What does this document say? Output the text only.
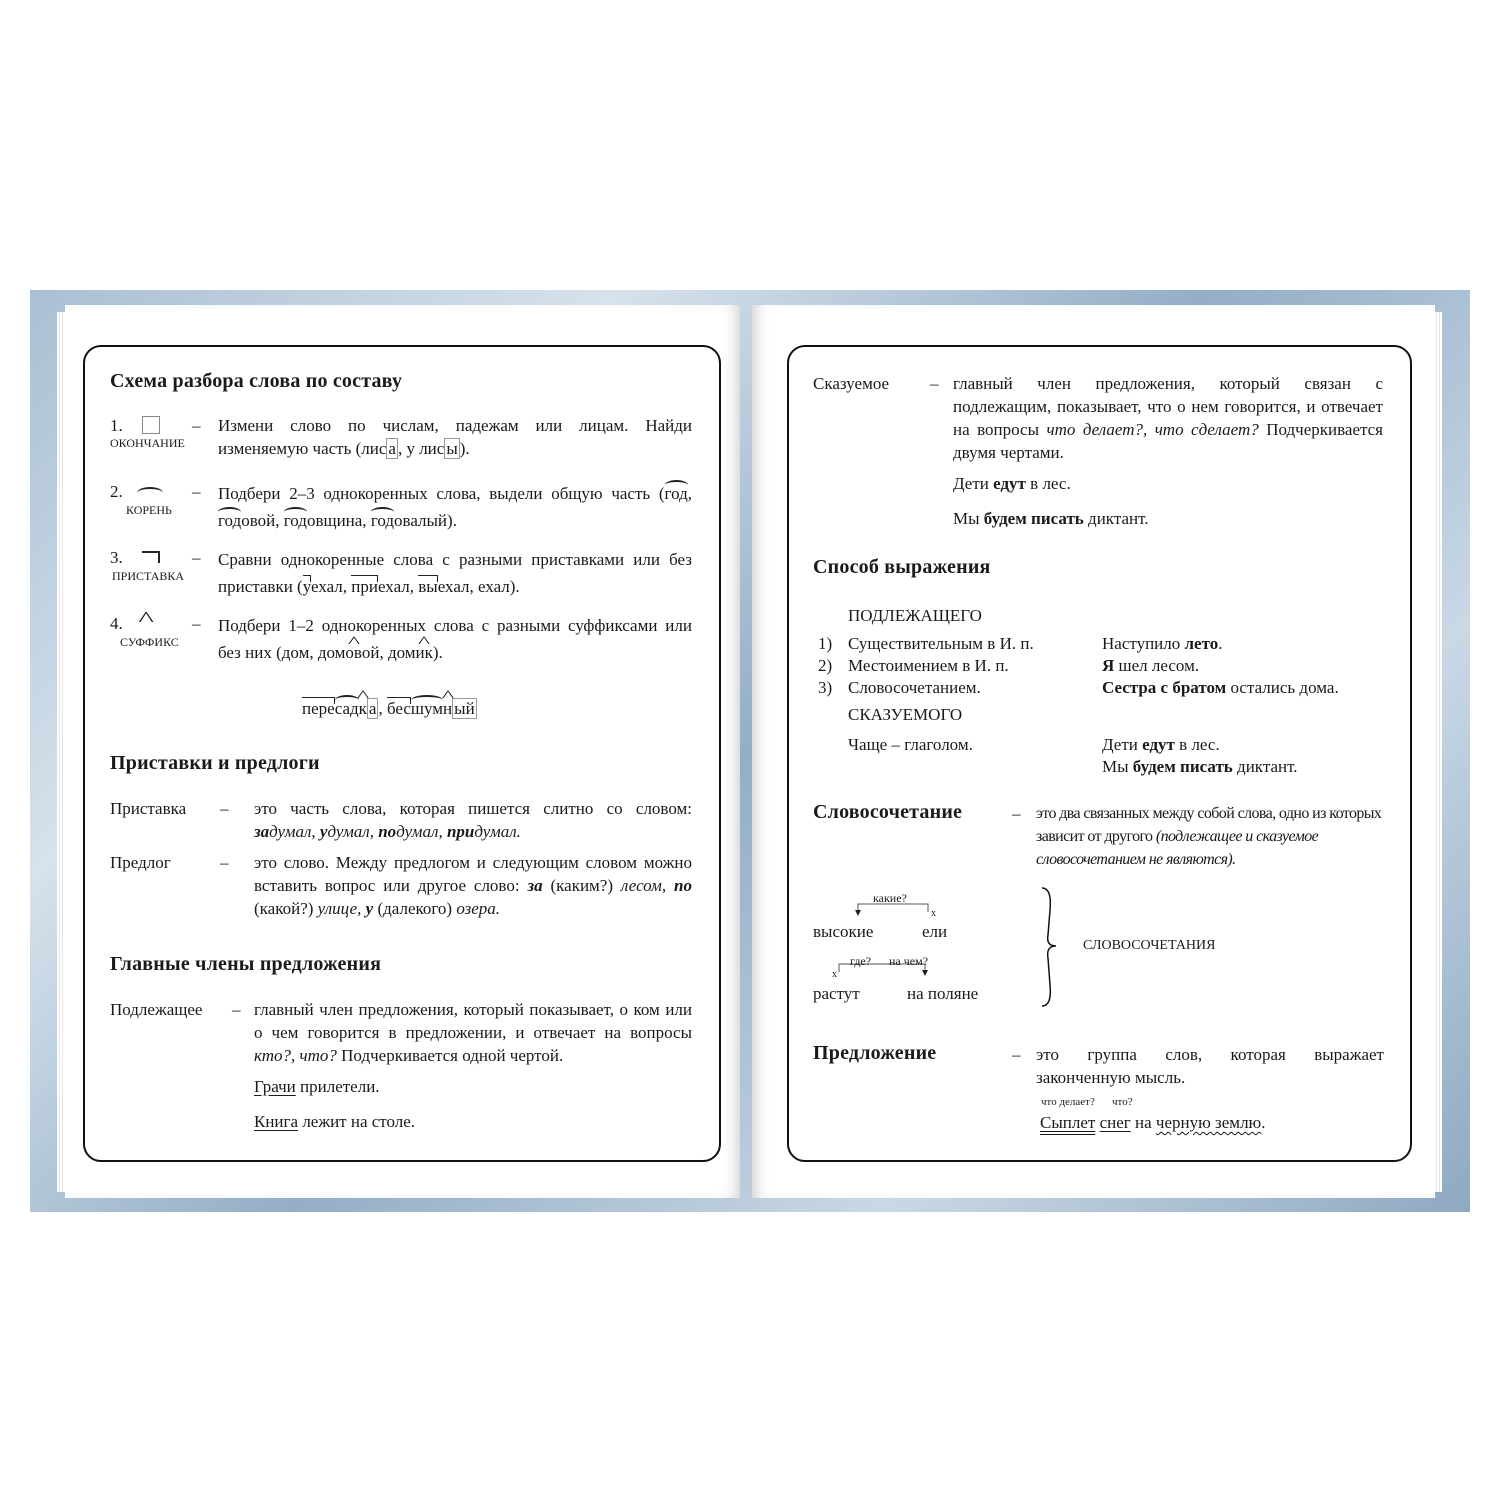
Схема разбора слова по составу
1.
ОКОНЧАНИЕ
– Измени слово по числам, падежам или лицам. Найди изменяемую часть (лис а , у лис ы ).
2.
КОРЕНЬ
– Подбери 2–3 однокоренных слова, выдели общую часть (год, годовой, годовщина, годовалый).
3.
ПРИСТАВКА
– Сравни однокоренные слова с разными приставками или без приставки (уехал, приехал, выехал, ехал).
4. ^
СУФФИКС
– Подбери 1–2 однокоренных слова с разными суффиксами или без них (дом, дом^ овой, дом^ ик).
пересад^ к а , бесшум^ н ый
Приставки и предлоги
Приставка – это часть слова, которая пишется слитно со словом: задумал, удумал, подумал, придумал.
Предлог	– это слово. Между предлогом и следующим словом можно вставить вопрос или другое слово: за (каким?) лесом, по (какой?) улице, у (далекого) озера.
Главные члены предложения
Подлежащее – главный член предложения, который показывает, о ком или о чем говорится в предложении, и отвечает на вопросы кто?, что? Подчеркивается одной чертой.
Грачи прилетели.
Книга лежит на столе.
Сказуемое – главный член предложения, который связан с подлежащим, показывает, что о нем говорится, и отвечает на вопросы что делает?, что сделает? Подчеркивается двумя чертами.
Дети едут в лес.
Мы будем писать диктант.
Способ выражения
ПОДЛЕЖАЩЕГО
1) Существительным в И. п.	Наступило лето.
2) Местоимением в И. п.	Я шел лесом.
3) Словосочетанием.	Сестра с братом остались дома.
СКАЗУЕМОГО
Чаще – глаголом.	Дети едут в лес.
Мы будем писать диктант.
Словосочетание	– это два связанных между собой слова, одно из которых зависит от другого (подлежащее и сказуемое словосочетанием не являются).
какие?
x
высокие	ели
где? на чем?
x
растут	на поляне
СЛОВОСОЧЕТАНИЯ
Предложение	– это группа слов, которая выражает законченную мысль.
что делает? что?
Сыплет снег на черную землю.
